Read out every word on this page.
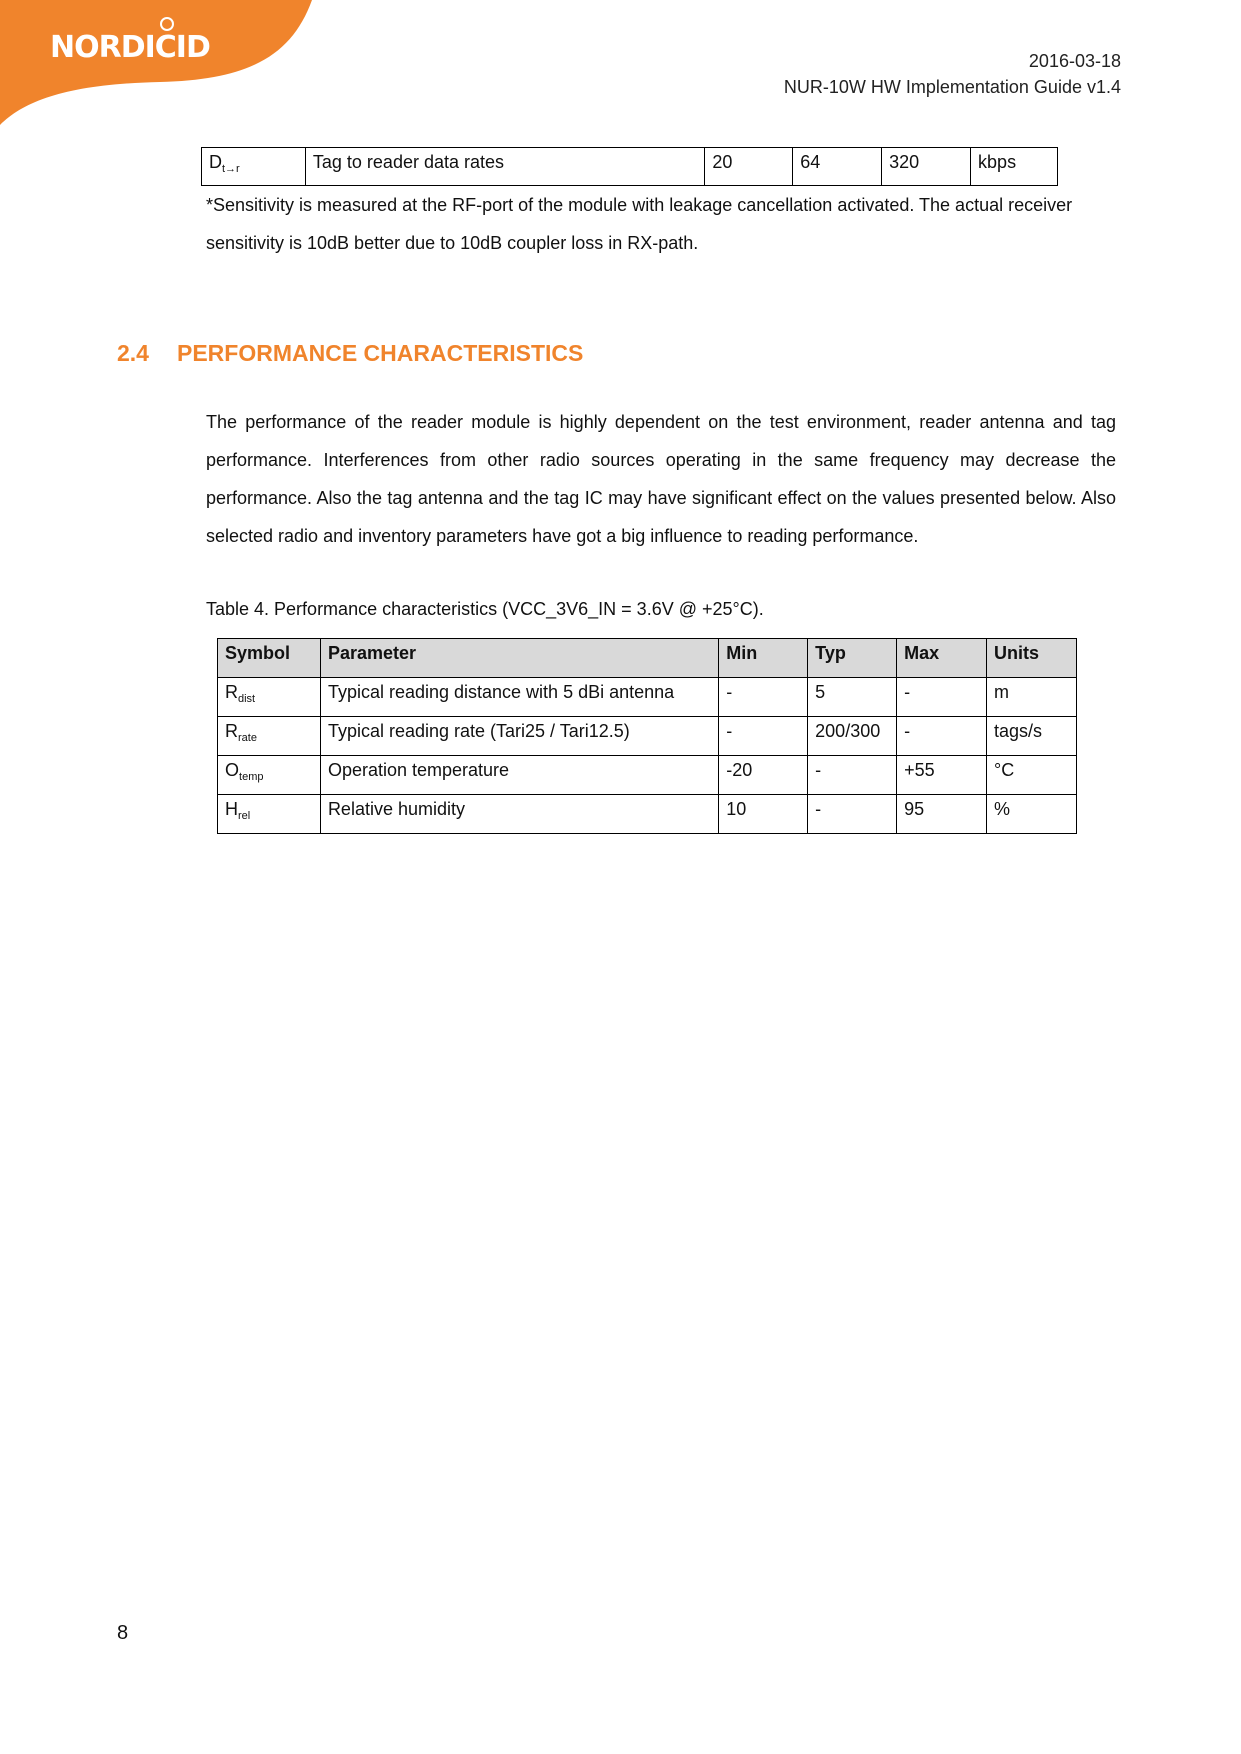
NORDICID	2016-03-18
NUR-10W HW Implementation Guide v1.4
$D_{t\to r}$	Tag to reader data rates	20	64	320	kbps
*Sensitivity is measured at the RF-port of the module with leakage cancellation activated. The actual receiver sensitivity is 10dB better due to 10dB coupler loss in RX-path.
2.4 PERFORMANCE CHARACTERISTICS
The performance of the reader module is highly dependent on the test environment, reader antenna and tag performance. Interferences from other radio sources operating in the same frequency may decrease the performance. Also the tag antenna and the tag IC may have significant effect on the values presented below. Also selected radio and inventory parameters have got a big influence to reading performance.
Table 4. Performance characteristics (VCC_3V6_IN = 3.6V @ +25°C).
Symbol	Parameter	Min	Typ	Max	Units
$R_{dist}$	Typical reading distance with 5 dBi antenna	-	5	-	m
$R_{rate}$	Typical reading rate (Tari25 / Tari12.5)	-	200/300	-	tags/s
$O_{temp}$	Operation temperature	-20	-	+55	°C
$H_{rel}$	Relative humidity	10	-	95	%
8
